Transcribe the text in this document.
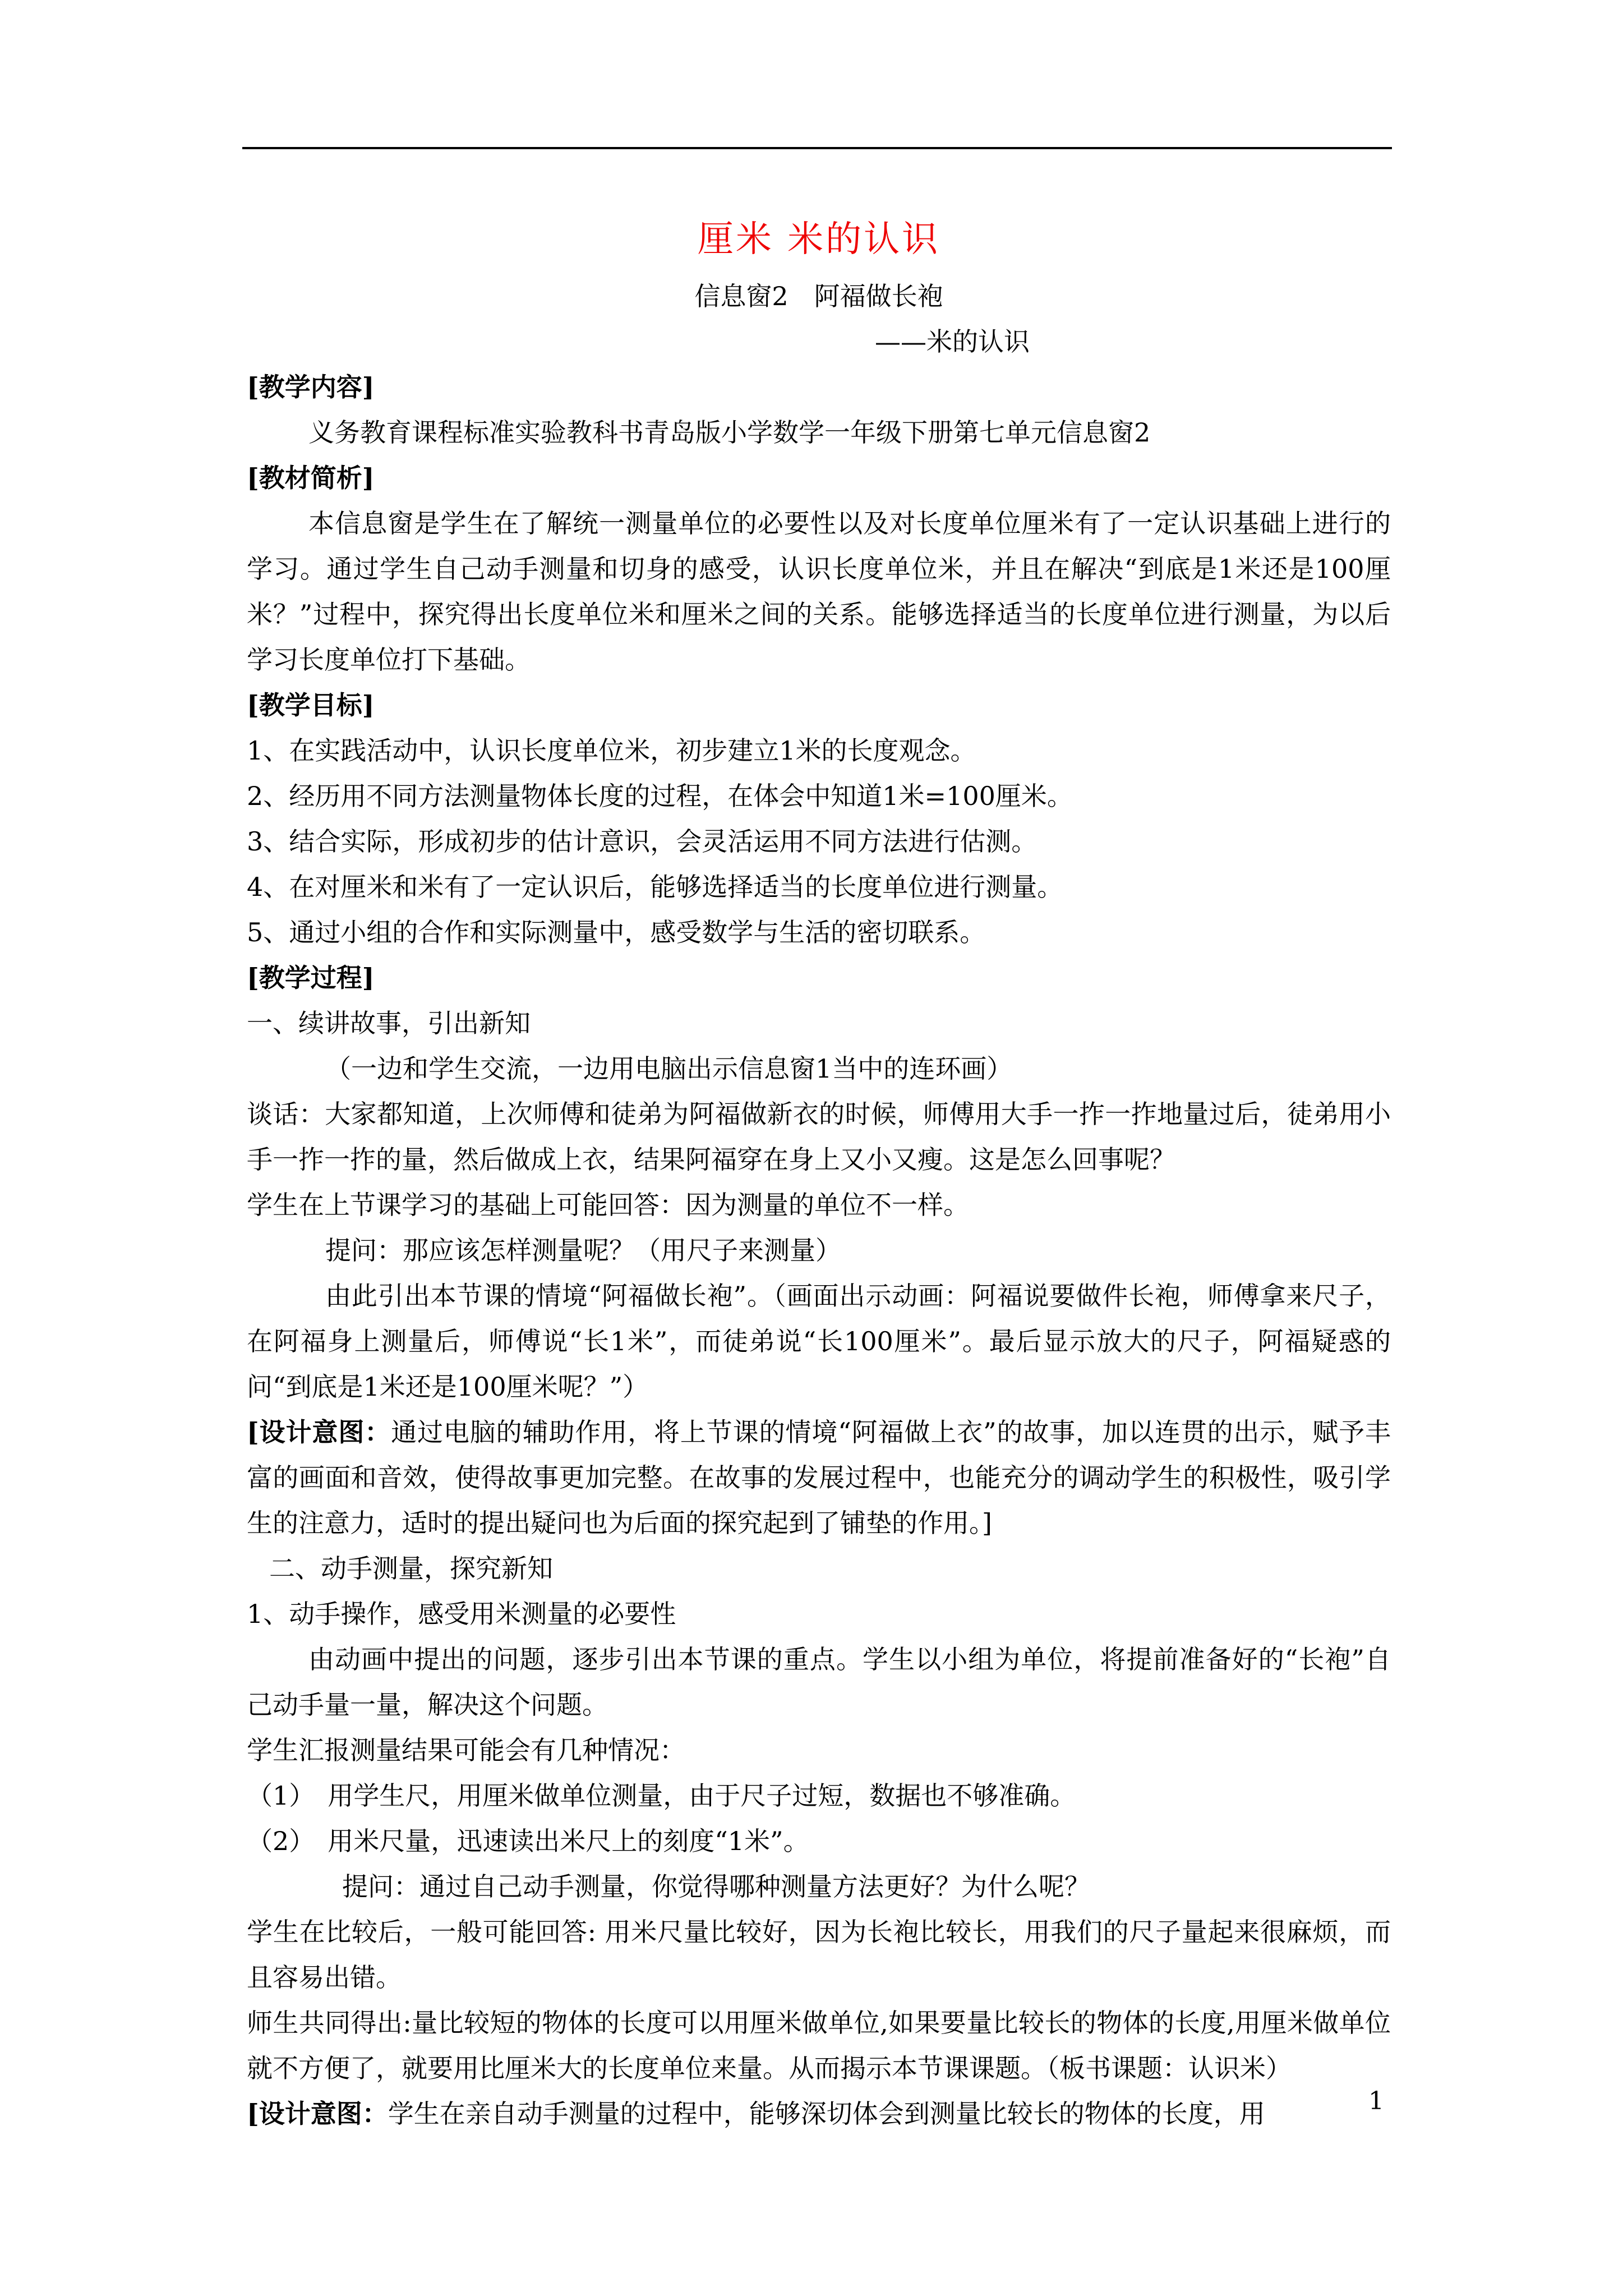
厘米 米的认识
信息窗2　阿福做长袍
——米的认识
[教学内容]
义务教育课程标准实验教科书青岛版小学数学一年级下册第七单元信息窗2
[教材简析]
本信息窗是学生在了解统一测量单位的必要性以及对长度单位厘米有了一定认识基础上进行的学习。通过学生自己动手测量和切身的感受，认识长度单位米，并且在解决“到底是1米还是100厘米？”过程中，探究得出长度单位米和厘米之间的关系。能够选择适当的长度单位进行测量，为以后学习长度单位打下基础。
[教学目标]
1、在实践活动中，认识长度单位米，初步建立1米的长度观念。
2、经历用不同方法测量物体长度的过程，在体会中知道1米=100厘米。
3、结合实际，形成初步的估计意识，会灵活运用不同方法进行估测。
4、在对厘米和米有了一定认识后，能够选择适当的长度单位进行测量。
5、通过小组的合作和实际测量中，感受数学与生活的密切联系。
[教学过程]
一、续讲故事，引出新知
（一边和学生交流，一边用电脑出示信息窗1当中的连环画）
谈话：大家都知道，上次师傅和徒弟为阿福做新衣的时候，师傅用大手一拃一拃地量过后，徒弟用小手一拃一拃的量，然后做成上衣，结果阿福穿在身上又小又瘦。这是怎么回事呢？
学生在上节课学习的基础上可能回答：因为测量的单位不一样。
提问：那应该怎样测量呢？（用尺子来测量）
由此引出本节课的情境“阿福做长袍”。（画面出示动画：阿福说要做件长袍，师傅拿来尺子，在阿福身上测量后，师傅说“长1米”，而徒弟说“长100厘米”。最后显示放大的尺子，阿福疑惑的问“到底是1米还是100厘米呢？”）
[设计意图：通过电脑的辅助作用，将上节课的情境“阿福做上衣”的故事，加以连贯的出示，赋予丰富的画面和音效，使得故事更加完整。在故事的发展过程中，也能充分的调动学生的积极性，吸引学生的注意力，适时的提出疑问也为后面的探究起到了铺垫的作用。]
二、动手测量，探究新知
1、动手操作，感受用米测量的必要性
由动画中提出的问题，逐步引出本节课的重点。学生以小组为单位，将提前准备好的“长袍”自己动手量一量，解决这个问题。
学生汇报测量结果可能会有几种情况：
（1）　用学生尺，用厘米做单位测量，由于尺子过短，数据也不够准确。
（2）　用米尺量，迅速读出米尺上的刻度“1米”。
提问：通过自己动手测量，你觉得哪种测量方法更好？为什么呢？
学生在比较后，一般可能回答: 用米尺量比较好，因为长袍比较长，用我们的尺子量起来很麻烦，而且容易出错。
师生共同得出:量比较短的物体的长度可以用厘米做单位,如果要量比较长的物体的长度,用厘米做单位就不方便了，就要用比厘米大的长度单位来量。从而揭示本节课课题。（板书课题：认识米）
[设计意图：学生在亲自动手测量的过程中，能够深切体会到测量比较长的物体的长度，用	1
